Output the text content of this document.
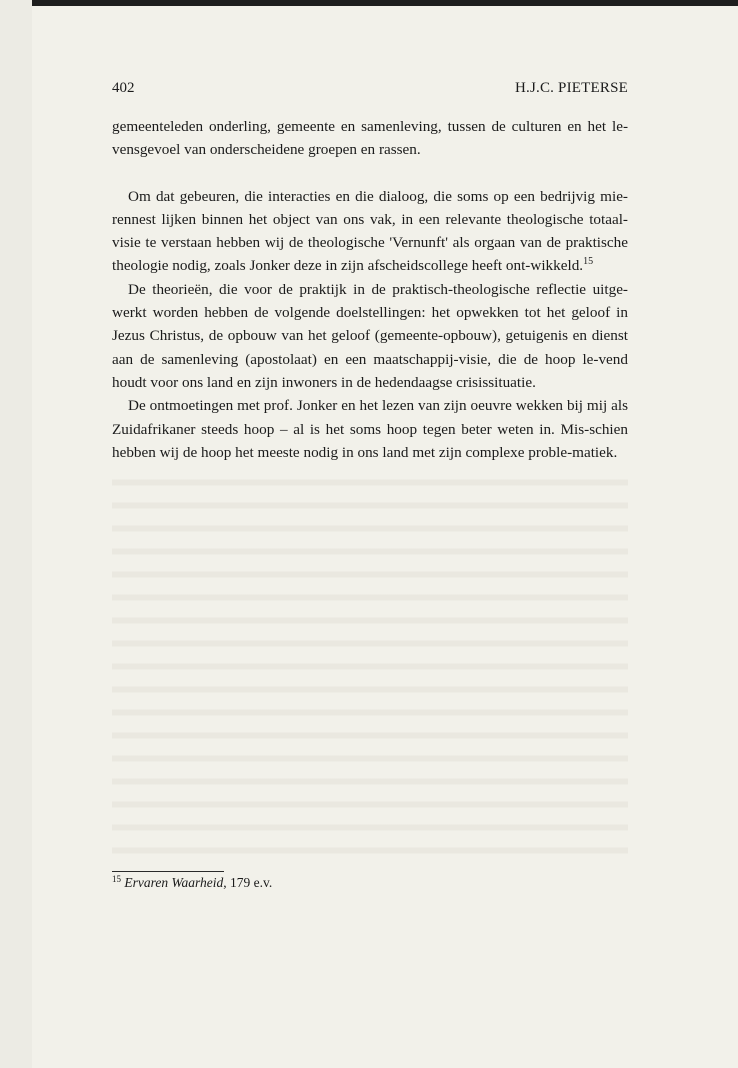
402	H.J.C. PIETERSE

gemeenteleden onderling, gemeente en samenleving, tussen de culturen en het le-vensgevoel van onderscheidene groepen en rassen.

Om dat gebeuren, die interacties en die dialoog, die soms op een bedrijvig mie-rennest lijken binnen het object van ons vak, in een relevante theologische totaal-visie te verstaan hebben wij de theologische 'Vernunft' als orgaan van de praktische theologie nodig, zoals Jonker deze in zijn afscheidscollege heeft ont-wikkeld.$^{15}$

De theorieën, die voor de praktijk in de praktisch-theologische reflectie uitge-werkt worden hebben de volgende doelstellingen: het opwekken tot het geloof in Jezus Christus, de opbouw van het geloof (gemeente-opbouw), getuigenis en dienst aan de samenleving (apostolaat) en een maatschappij-visie, die de hoop le-vend houdt voor ons land en zijn inwoners in de hedendaagse crisissituatie.

De ontmoetingen met prof. Jonker en het lezen van zijn oeuvre wekken bij mij als Zuidafrikaner steeds hoop – al is het soms hoop tegen beter weten in. Mis-schien hebben wij de hoop het meeste nodig in ons land met zijn complexe proble-matiek.

$^{15}$ Ervaren Waarheid, 179 e.v.
